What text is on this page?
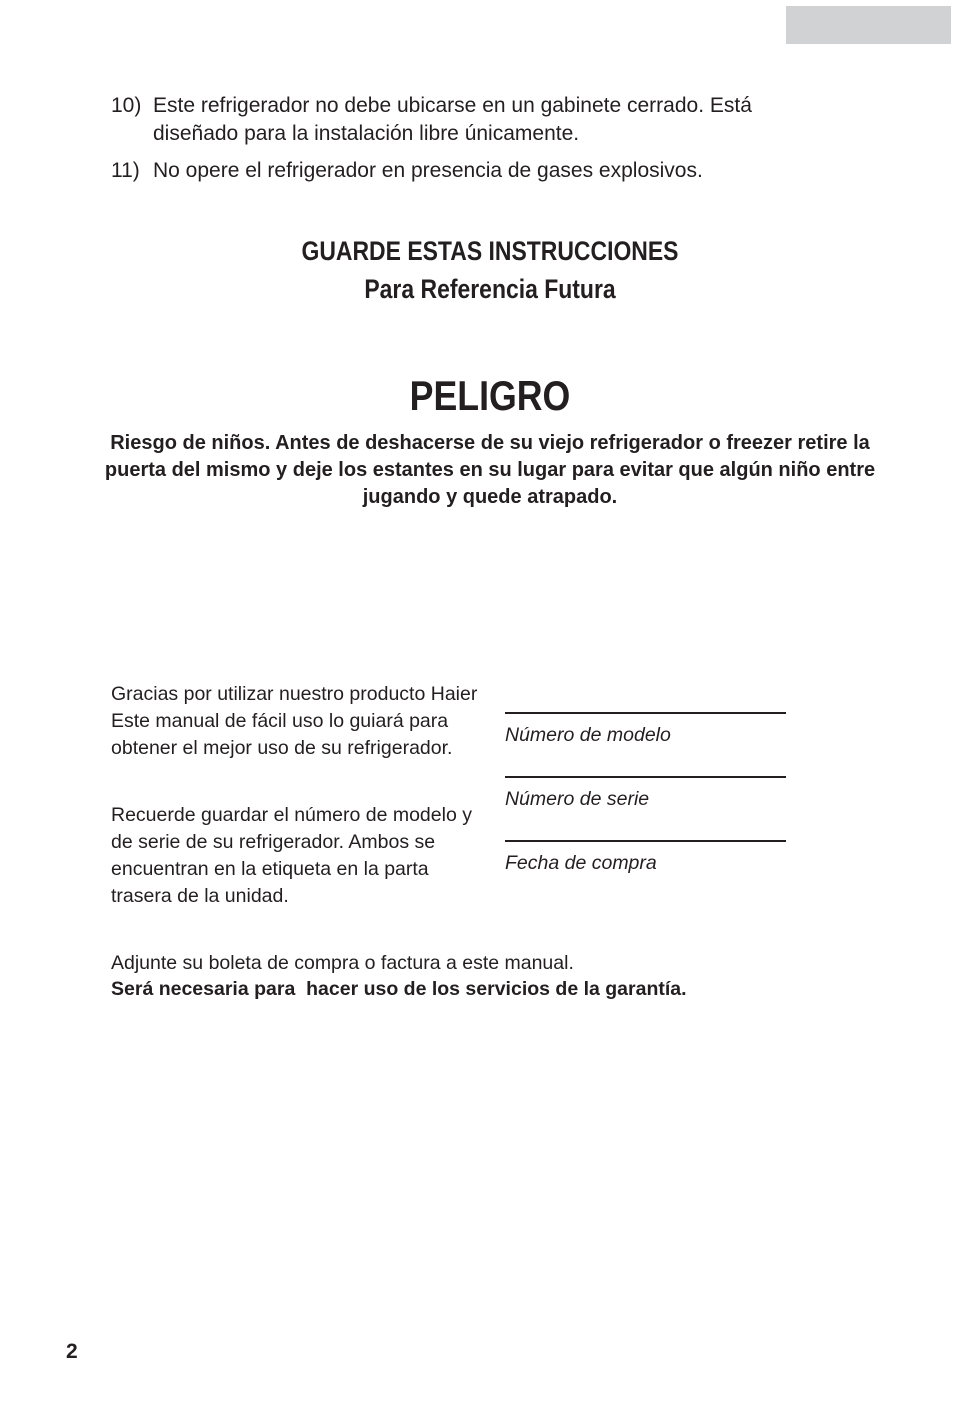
10) Este refrigerador no debe ubicarse en un gabinete cerrado. Está diseñado para la instalación libre únicamente.
11) No opere el refrigerador en presencia de gases explosivos.
GUARDE ESTAS INSTRUCCIONES
Para Referencia Futura
PELIGRO
Riesgo de niños. Antes de deshacerse de su viejo refrigerador o freezer retire la puerta del mismo y deje los estantes en su lugar para evitar que algún niño entre jugando y quede atrapado.
Gracias por utilizar nuestro producto Haier Este manual de fácil uso lo guiará para obtener el mejor uso de su refrigerador.
Recuerde guardar el número de modelo y de serie de su refrigerador. Ambos se encuentran en la etiqueta en la parta trasera de la unidad.
Número de modelo
Número de serie
Fecha de compra
Adjunte su boleta de compra o factura a este manual.
Será necesaria para  hacer uso de los servicios de la garantía.
2
